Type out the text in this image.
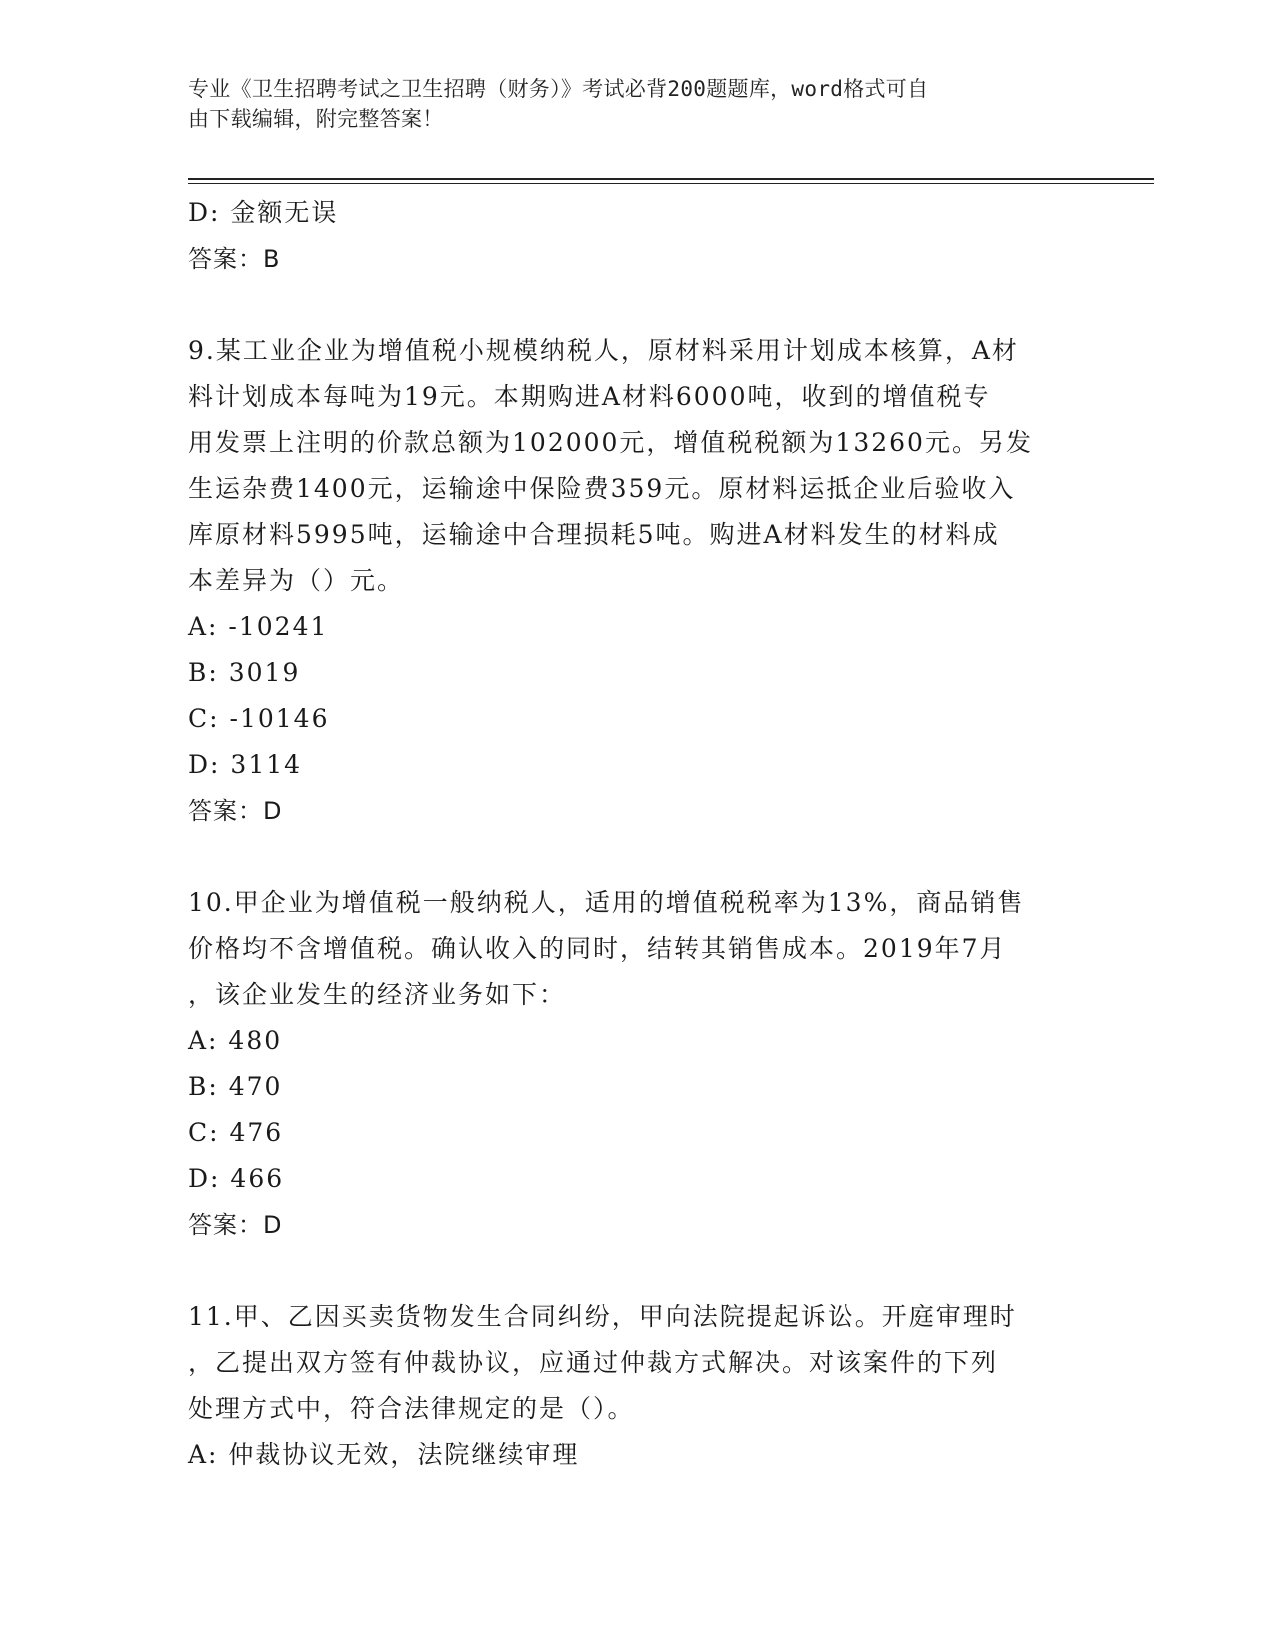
专业《卫生招聘考试之卫生招聘（财务）》考试必背200题题库，word格式可自
由下载编辑，附完整答案！
D: 金额无误
答案：B
9.某工业企业为增值税小规模纳税人，原材料采用计划成本核算，A材
料计划成本每吨为19元。本期购进A材料6000吨，收到的增值税专
用发票上注明的价款总额为102000元，增值税税额为13260元。另发
生运杂费1400元，运输途中保险费359元。原材料运抵企业后验收入
库原材料5995吨，运输途中合理损耗5吨。购进A材料发生的材料成
本差异为（）元。
A: -10241
B: 3019
C: -10146
D: 3114
答案：D
10.甲企业为增值税一般纳税人，适用的增值税税率为13%，商品销售
价格均不含增值税。确认收入的同时，结转其销售成本。2019年7月
，该企业发生的经济业务如下：
A: 480
B: 470
C: 476
D: 466
答案：D
11.甲、乙因买卖货物发生合同纠纷，甲向法院提起诉讼。开庭审理时
，乙提出双方签有仲裁协议，应通过仲裁方式解决。对该案件的下列
处理方式中，符合法律规定的是（）。
A: 仲裁协议无效，法院继续审理
